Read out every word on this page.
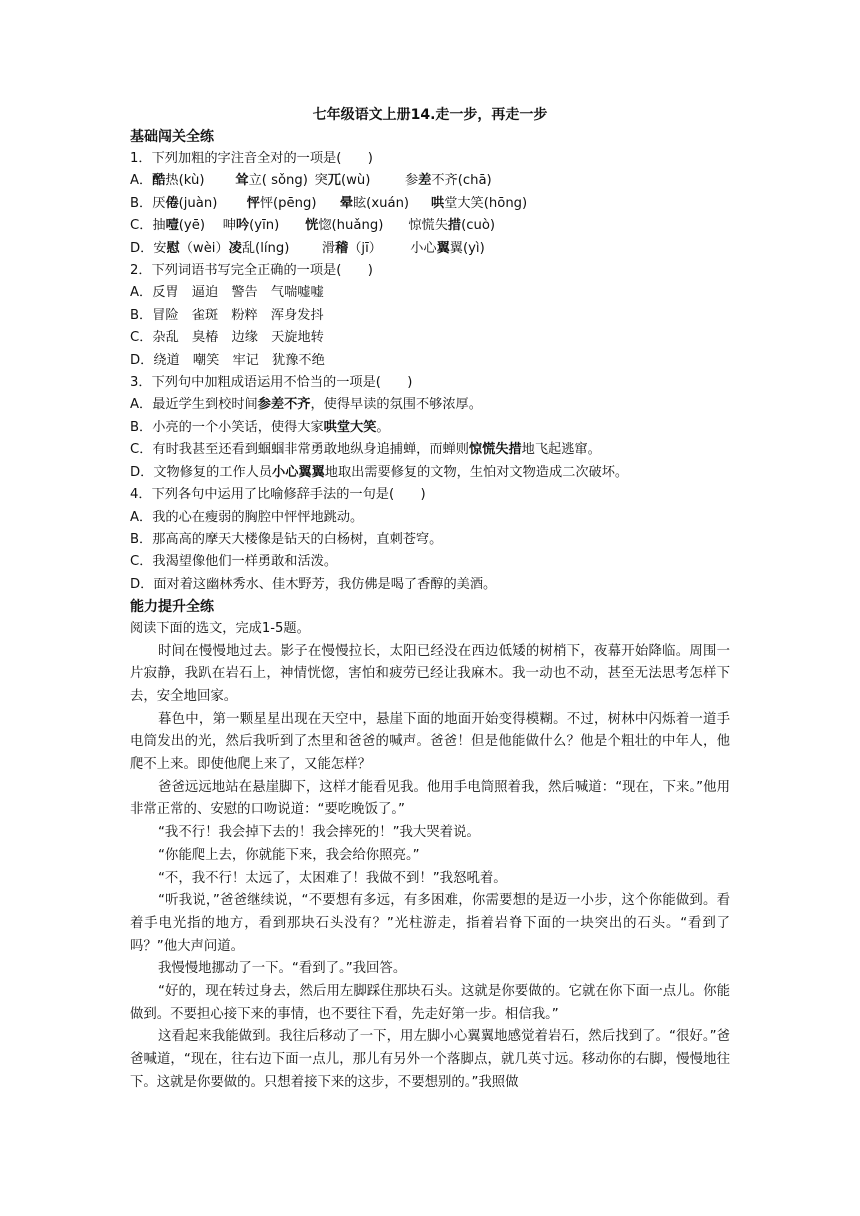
七年级语文上册14.走一步，再走一步
基础闯关全练
1．下列加粗的字注音全对的一项是(　　)
A．酷热(kù) 耸立( sǒng) 突兀(wù)	参差不齐(chā)
B．厌倦(juàn) 怦怦(pēng) 晕眩(xuán) 哄堂大笑(hōng)
C．抽噎(yē) 呻吟(yīn) 恍惚(huǎng) 惊慌失措(cuò)
D．安慰（wèi）凌乱(líng) 滑稽（jī） 小心翼翼(yì)
2．下列词语书写完全正确的一项是(　　)
A．反胃　逼迫　警告　气喘嘘嘘
B．冒险　雀斑　粉粹　浑身发抖
C．杂乱　臭椿　边缘　天旋地转
D．绕道　嘲笑　牢记　犹豫不绝
3．下列句中加粗成语运用不恰当的一项是(　　)
A．最近学生到校时间参差不齐，使得早读的氛围不够浓厚。
B．小亮的一个小笑话，使得大家哄堂大笑。
C．有时我甚至还看到蝈蝈非常勇敢地纵身追捕蝉，而蝉则惊慌失措地飞起逃窜。
D．文物修复的工作人员小心翼翼地取出需要修复的文物，生怕对文物造成二次破坏。
4．下列各句中运用了比喻修辞手法的一句是(　　)
A．我的心在瘦弱的胸腔中怦怦地跳动。
B．那高高的摩天大楼像是钻天的白杨树，直刺苍穹。
C．我渴望像他们一样勇敢和活泼。
D．面对着这幽林秀水、佳木野芳，我仿佛是喝了香醇的美酒。
能力提升全练
阅读下面的选文，完成1-5题。
时间在慢慢地过去。影子在慢慢拉长，太阳已经没在西边低矮的树梢下，夜幕开始降临。周围一片寂静，我趴在岩石上，神情恍惚，害怕和疲劳已经让我麻木。我一动也不动，甚至无法思考怎样下去，安全地回家。
暮色中，第一颗星星出现在天空中，悬崖下面的地面开始变得模糊。不过，树林中闪烁着一道手电筒发出的光，然后我听到了杰里和爸爸的喊声。爸爸！但是他能做什么？他是个粗壮的中年人，他爬不上来。即使他爬上来了，又能怎样？
爸爸远远地站在悬崖脚下，这样才能看见我。他用手电筒照着我，然后喊道：“现在，下来。”他用非常正常的、安慰的口吻说道：“要吃晚饭了。”
“我不行！我会掉下去的！我会摔死的！”我大哭着说。
“你能爬上去，你就能下来，我会给你照亮。”
“不，我不行！太远了，太困难了！我做不到！”我怒吼着。
“听我说，”爸爸继续说，“不要想有多远，有多困难，你需要想的是迈一小步，这个你能做到。看着手电光指的地方，看到那块石头没有？”光柱游走，指着岩脊下面的一块突出的石头。“看到了吗？”他大声问道。
我慢慢地挪动了一下。“看到了。”我回答。
“好的，现在转过身去，然后用左脚踩住那块石头。这就是你要做的。它就在你下面一点儿。你能做到。不要担心接下来的事情，也不要往下看，先走好第一步。相信我。”
这看起来我能做到。我往后移动了一下，用左脚小心翼翼地感觉着岩石，然后找到了。“很好。”爸爸喊道，“现在，往右边下面一点儿，那儿有另外一个落脚点，就几英寸远。移动你的右脚，慢慢地往下。这就是你要做的。只想着接下来的这步，不要想别的。”我照做
